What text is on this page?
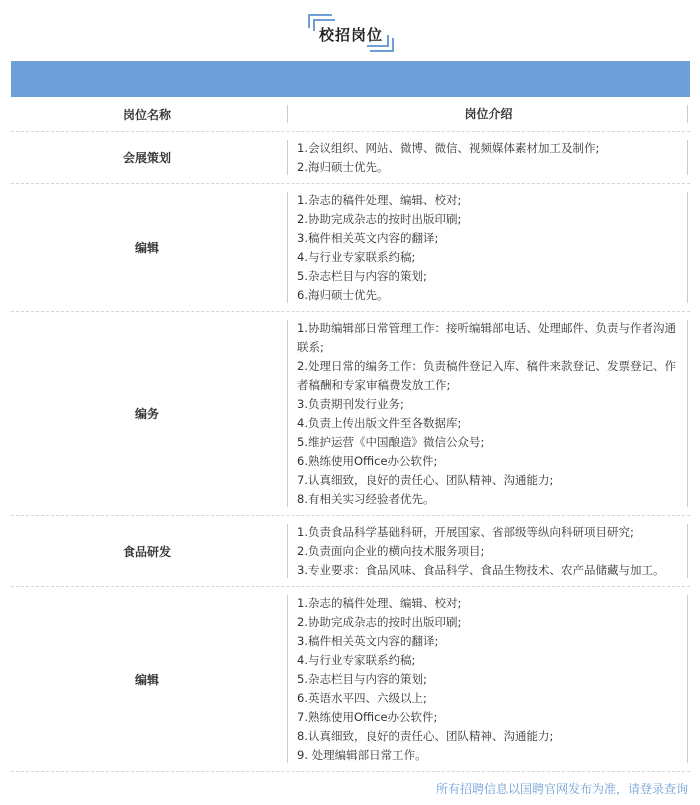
校招岗位
岗位名称	岗位介绍
会展策划
1.会议组织、网站、微博、微信、视频媒体素材加工及制作;
2.海归硕士优先。
编辑
1.杂志的稿件处理、编辑、校对;
2.协助完成杂志的按时出版印刷;
3.稿件相关英文内容的翻译;
4.与行业专家联系约稿;
5.杂志栏目与内容的策划;
6.海归硕士优先。
编务
1.协助编辑部日常管理工作：接听编辑部电话、处理邮件、负责与作者沟通联系;
2.处理日常的编务工作：负责稿件登记入库、稿件来款登记、发票登记、作者稿酬和专家审稿费发放工作;
3.负责期刊发行业务;
4.负责上传出版文件至各数据库;
5.维护运营《中国酿造》微信公众号;
6.熟练使用Office办公软件;
7.认真细致，良好的责任心、团队精神、沟通能力;
8.有相关实习经验者优先。
食品研发
1.负责食品科学基础科研，开展国家、省部级等纵向科研项目研究;
2.负责面向企业的横向技术服务项目;
3.专业要求：食品风味、食品科学、食品生物技术、农产品储藏与加工。
编辑
1.杂志的稿件处理、编辑、校对;
2.协助完成杂志的按时出版印刷;
3.稿件相关英文内容的翻译;
4.与行业专家联系约稿;
5.杂志栏目与内容的策划;
6.英语水平四、六级以上;
7.熟练使用Office办公软件;
8.认真细致，良好的责任心、团队精神、沟通能力;
9. 处理编辑部日常工作。
所有招聘信息以国聘官网发布为准，请登录查询
